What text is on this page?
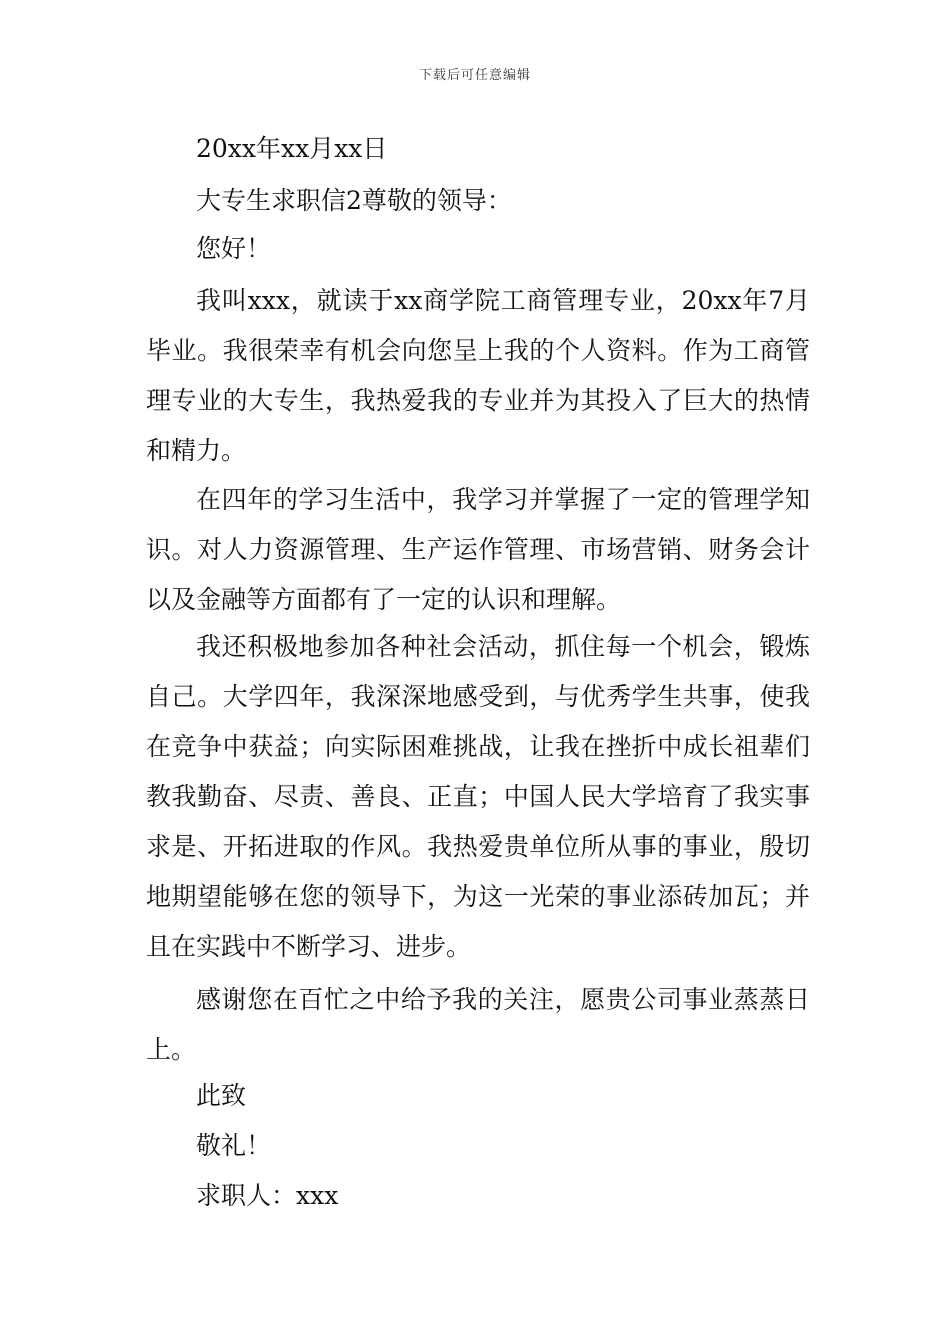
下载后可任意编辑
20xx年xx月xx日
大专生求职信2尊敬的领导：
您好！

我叫xxx，就读于xx商学院工商管理专业，20xx年7月毕业。我很荣幸有机会向您呈上我的个人资料。作为工商管理专业的大专生，我热爱我的专业并为其投入了巨大的热情和精力。

在四年的学习生活中，我学习并掌握了一定的管理学知识。对人力资源管理、生产运作管理、市场营销、财务会计以及金融等方面都有了一定的认识和理解。

我还积极地参加各种社会活动，抓住每一个机会，锻炼自己。大学四年，我深深地感受到，与优秀学生共事，使我在竞争中获益；向实际困难挑战，让我在挫折中成长祖辈们教我勤奋、尽责、善良、正直；中国人民大学培育了我实事求是、开拓进取的作风。我热爱贵单位所从事的事业，殷切地期望能够在您的领导下，为这一光荣的事业添砖加瓦；并且在实践中不断学习、进步。

感谢您在百忙之中给予我的关注，愿贵公司事业蒸蒸日上。

此致
敬礼！
求职人：xxx
